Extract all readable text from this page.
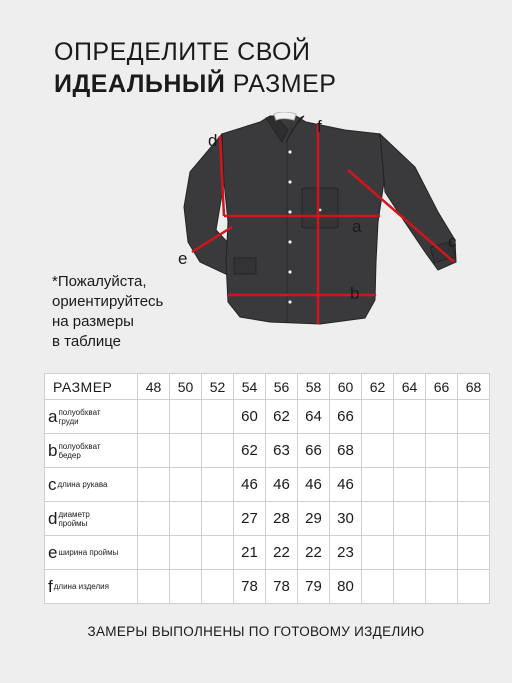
ОПРЕДЕЛИТЕ СВОЙ
ИДЕАЛЬНЫЙ РАЗМЕР
*Пожалуйста,
ориентируйтесь
на размеры
в таблице
d
f
a
c
e
b
РАЗМЕР	48	50	52	54	56	58	60	62	64	66	68
aполуобхват груди				60	62	64	66				
bполуобхват бедер				62	63	66	68				
cдлина рукава				46	46	46	46				
dдиаметр проймы				27	28	29	30				
eширина проймы				21	22	22	23				
fдлина изделия				78	78	79	80				
ЗАМЕРЫ ВЫПОЛНЕНЫ ПО ГОТОВОМУ ИЗДЕЛИЮ
